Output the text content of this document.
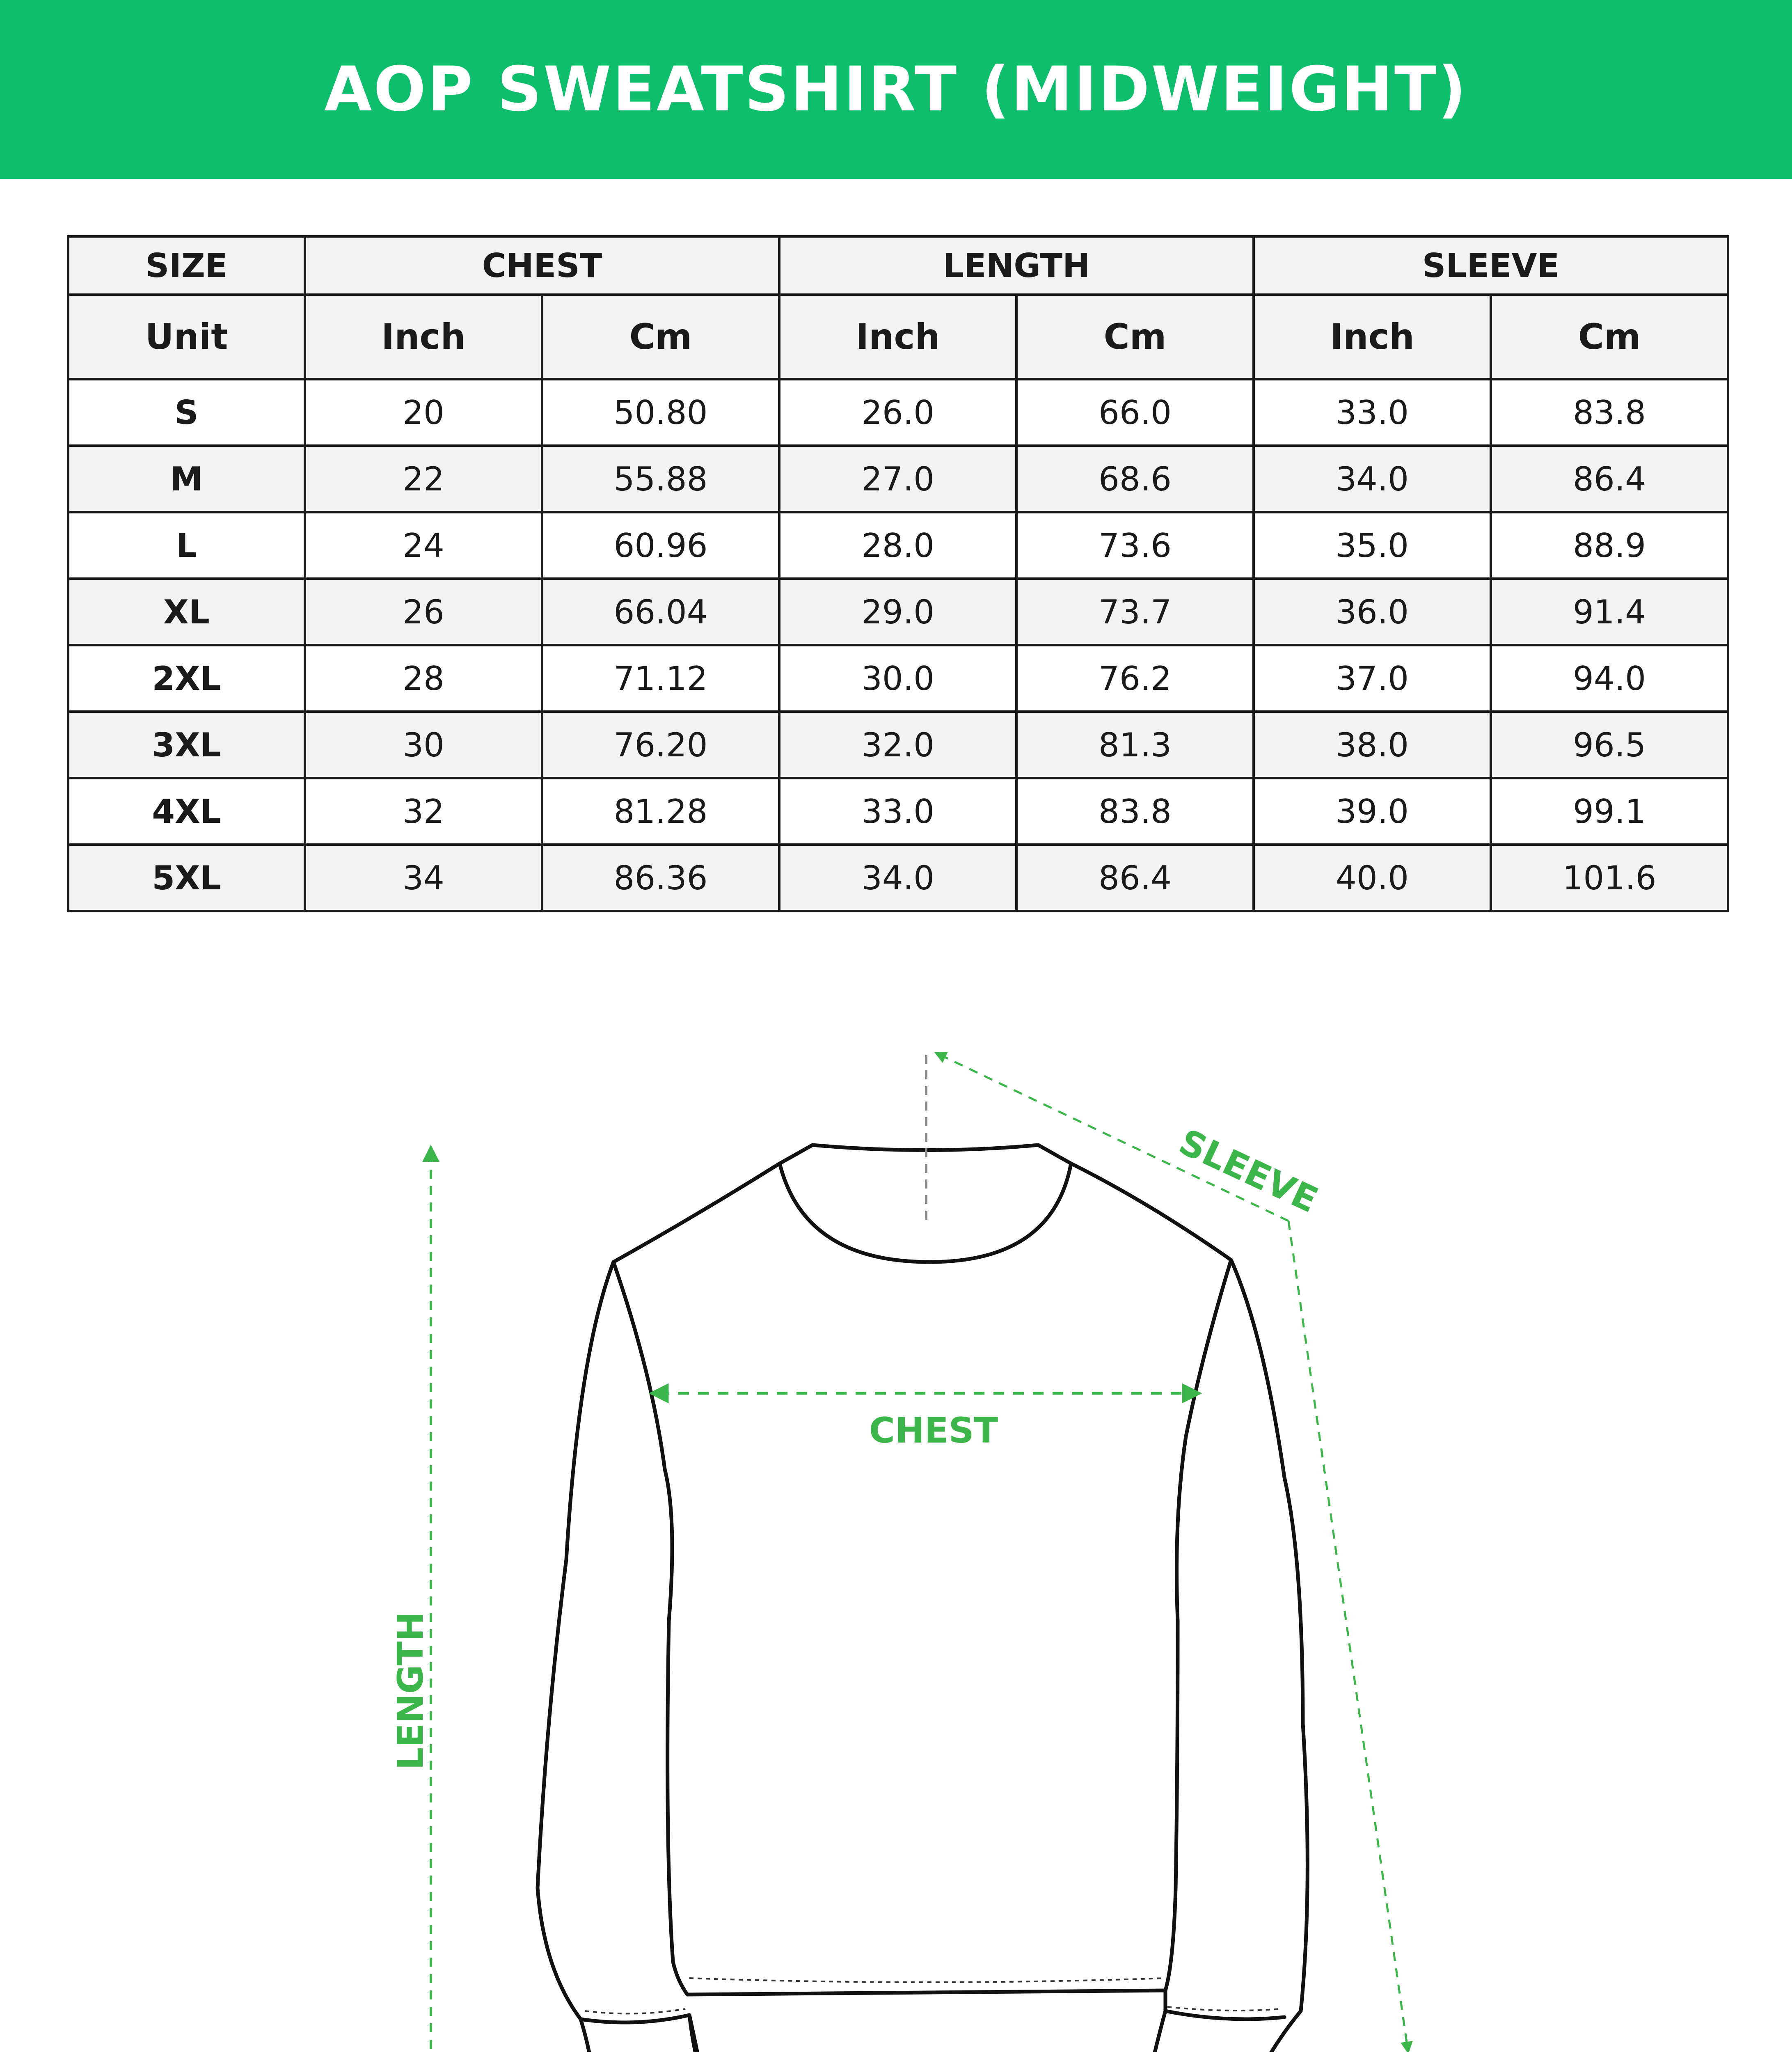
AOP SWEATSHIRT (MIDWEIGHT)
SIZE	CHEST		LENGTH		SLEEVE	
Unit	Inch	Cm	Inch	Cm	Inch	Cm
S	20	50.80	26.0	66.0	33.0	83.8
M	22	55.88	27.0	68.6	34.0	86.4
L	24	60.96	28.0	73.6	35.0	88.9
XL	26	66.04	29.0	73.7	36.0	91.4
2XL	28	71.12	30.0	76.2	37.0	94.0
3XL	30	76.20	32.0	81.3	38.0	96.5
4XL	32	81.28	33.0	83.8	39.0	99.1
5XL	34	86.36	34.0	86.4	40.0	101.6
CHEST
LENGTH
SLEEVE
